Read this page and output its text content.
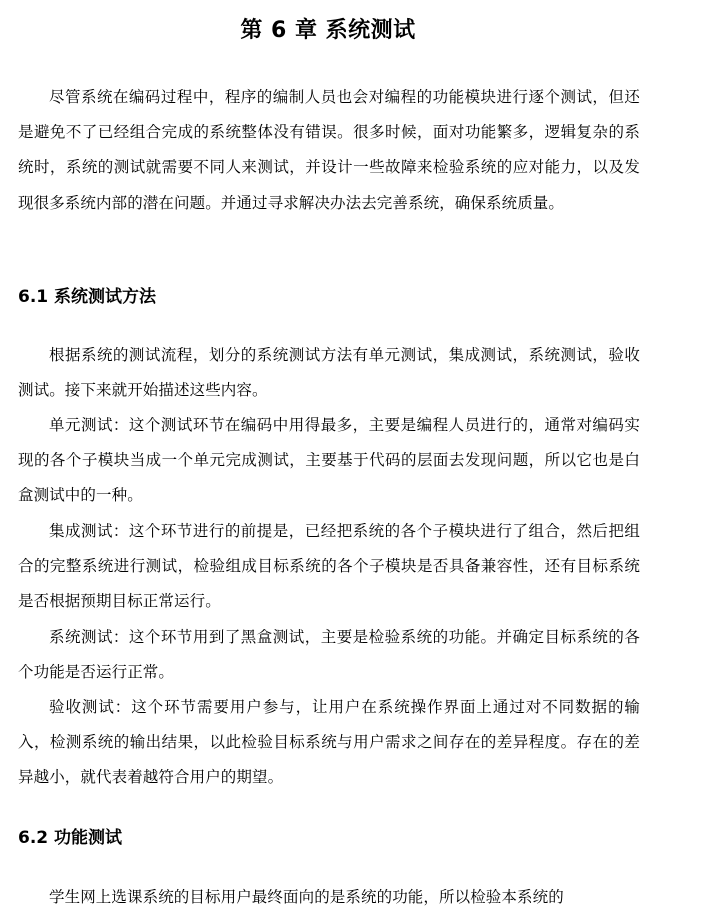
第 6 章 系统测试

尽管系统在编码过程中，程序的编制人员也会对编程的功能模块进行逐个测试，但还是避免不了已经组合完成的系统整体没有错误。很多时候，面对功能繁多，逻辑复杂的系统时，系统的测试就需要不同人来测试，并设计一些故障来检验系统的应对能力，以及发现很多系统内部的潜在问题。并通过寻求解决办法去完善系统，确保系统质量。

6.1 系统测试方法

根据系统的测试流程，划分的系统测试方法有单元测试，集成测试，系统测试，验收测试。接下来就开始描述这些内容。

单元测试：这个测试环节在编码中用得最多，主要是编程人员进行的，通常对编码实现的各个子模块当成一个单元完成测试，主要基于代码的层面去发现问题，所以它也是白盒测试中的一种。

集成测试：这个环节进行的前提是，已经把系统的各个子模块进行了组合，然后把组合的完整系统进行测试，检验组成目标系统的各个子模块是否具备兼容性，还有目标系统是否根据预期目标正常运行。

系统测试：这个环节用到了黑盒测试，主要是检验系统的功能。并确定目标系统的各个功能是否运行正常。

验收测试：这个环节需要用户参与，让用户在系统操作界面上通过对不同数据的输入，检测系统的输出结果，以此检验目标系统与用户需求之间存在的差异程度。存在的差异越小，就代表着越符合用户的期望。

6.2 功能测试

学生网上选课系统的目标用户最终面向的是系统的功能，所以检验本系统的
